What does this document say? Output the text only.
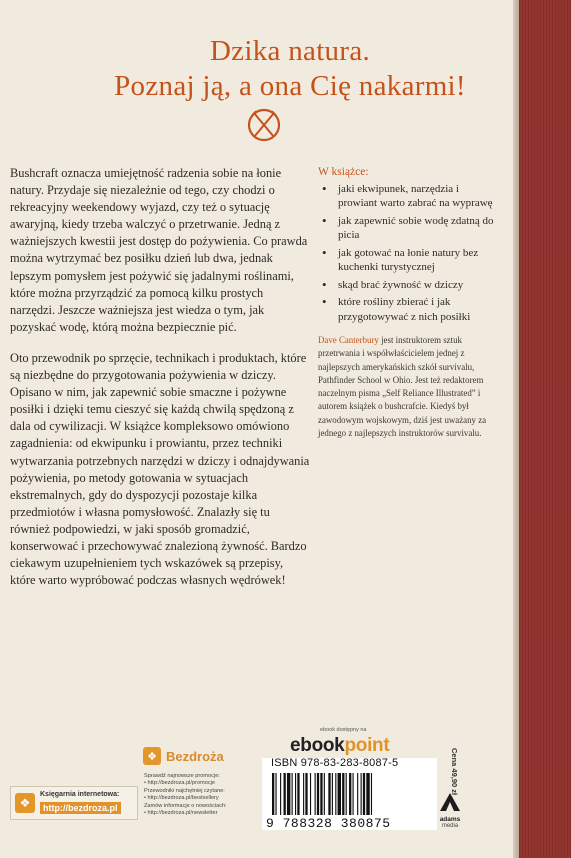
Dzika natura.
Poznaj ją, a ona Cię nakarmi!

Bushcraft oznacza umiejętność radzenia sobie na łonie natury. Przydaje się niezależnie od tego, czy chodzi o rekreacyjny weekendowy wyjazd, czy też o sytuację awaryjną, kiedy trzeba walczyć o przetrwanie. Jedną z ważniejszych kwestii jest dostęp do pożywienia. Co prawda można wytrzymać bez posiłku dzień lub dwa, jednak lepszym pomysłem jest pożywić się jadalnymi roślinami, które można przyrządzić za pomocą kilku prostych narzędzi. Jeszcze ważniejsza jest wiedza o tym, jak pozyskać wodę, którą można bezpiecznie pić.

Oto przewodnik po sprzęcie, technikach i produktach, które są niezbędne do przygotowania pożywienia w dziczy. Opisano w nim, jak zapewnić sobie smaczne i pożywne posiłki i dzięki temu cieszyć się każdą chwilą spędzoną z dala od cywilizacji. W książce kompleksowo omówiono zagadnienia: od ekwipunku i prowiantu, przez techniki wytwarzania potrzebnych narzędzi w dziczy i odnajdywania pożywienia, po metody gotowania w sytuacjach ekstremalnych, gdy do dyspozycji pozostaje kilka przedmiotów i własna pomysłowość. Znalazły się tu również podpowiedzi, w jaki sposób gromadzić, konserwować i przechowywać znalezioną żywność. Bardzo ciekawym uzupełnieniem tych wskazówek są przepisy, które warto wypróbować podczas własnych wędrówek!

W książce:
• jaki ekwipunek, narzędzia i prowiant warto zabrać na wyprawę
• jak zapewnić sobie wodę zdatną do picia
• jak gotować na łonie natury bez kuchenki turystycznej
• skąd brać żywność w dziczy
• które rośliny zbierać i jak przygotowywać z nich posiłki
Dave Canterbury jest instruktorem sztuk przetrwania i współwłaścicielem jednej z najlepszych amerykańskich szkół survivalu, Pathfinder School w Ohio. Jest też redaktorem naczelnym pisma „Self Reliance Illustrated” i autorem książek o bushcrafcie. Kiedyś był zawodowym wojskowym, dziś jest uważany za jednego z najlepszych instruktorów survivalu.
❖ Bezdroża
❖
Księgarnia internetowa:
http://bezdroza.pl
Sprawdź najnowsze promocje:
• http://bezdroza.pl/promocje
Przewodniki najchętniej czytane:
• http://bezdroza.pl/bestsellery
Zamów informacje o nowościach:
• http://bezdroza.pl/newsletter
ebook dostępny na
ebookpoint
ISBN 978-83-283-8087-5
9 788328 380875
Cena 49,90 zł
adams
media
